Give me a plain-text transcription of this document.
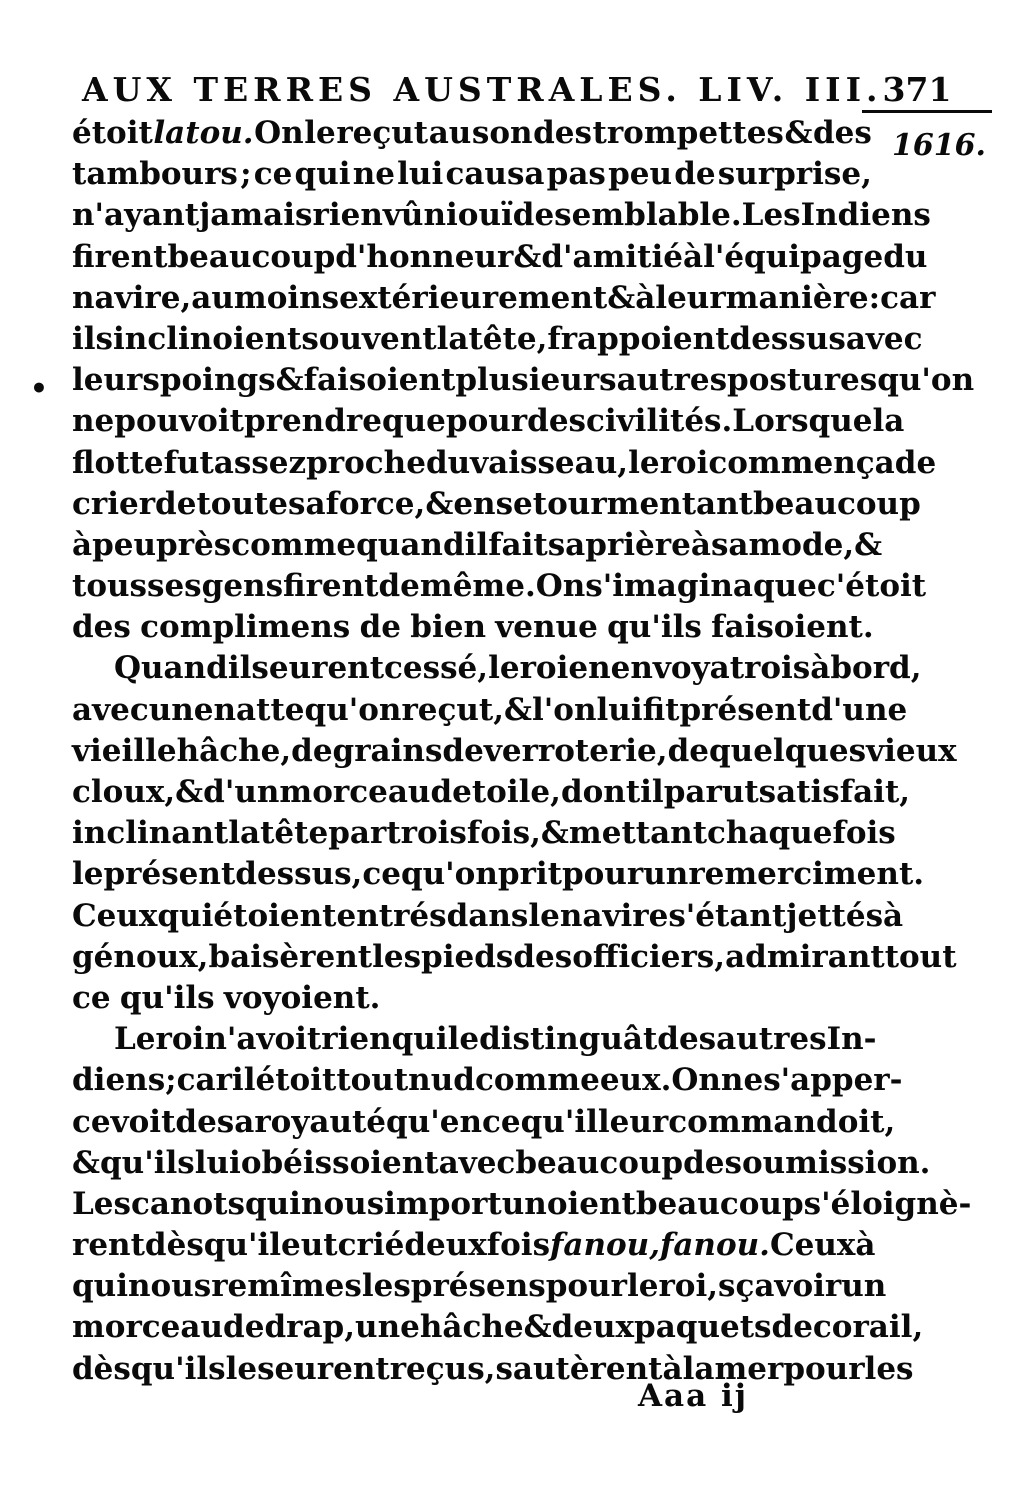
AUX TERRES AUSTRALES. LIV. III. 371
1616.
•
étoit latou. On le reçut au son des trompettes & des
tambours ; ce qui ne lui causa pas peu de surprise,
n'ayant jamais rien vû ni ouï de semblable. Les Indiens
firent beaucoup d'honneur & d'amitié à l'équipage du
navire, au moins extérieurement & à leur manière : car
ils inclinoient souvent la tête, frappoient dessus avec
leurs poings & faisoient plusieurs autres postures qu'on
ne pouvoit prendre que pour des civilités. Lorsque la
flotte fut assez proche du vaisseau, le roi commença de
crier de toute sa force, & en se tourmentant beaucoup
à peu près comme quand il fait sa prière à sa mode, &
tous ses gens firent de même. On s'imagina que c'étoit
des complimens de bien venue qu'ils faisoient.
Quand ils eurent cessé, le roi en envoya trois à bord,
avec une natte qu'on reçut, & l'on lui fit présent d'une
vieille hâche, de grains de verroterie, de quelques vieux
cloux, & d'un morceau de toile, dont il parut satisfait,
inclinant la tête par trois fois, & mettant chaque fois
le présent dessus, ce qu'on prit pour un remerciment.
Ceux qui étoient entrés dans le navire s'étant jettés à
génoux, baisèrent les pieds des officiers, admirant tout
ce qu'ils voyoient.
Le roi n'avoit rien qui le distinguât des autres In-
diens; car il étoit tout nud comme eux. On ne s'apper-
cevoit de sa royauté qu'en ce qu'il leur commandoit,
& qu'ils lui obéissoient avec beaucoup de soumission.
Les canots qui nous importunoient beaucoup s'éloignè-
rent dès qu'il eut crié deux fois fanou, fanou. Ceux à
qui nous remîmes les présens pour le roi, sçavoir un
morceau de drap, une hâche & deux paquets de corail,
dès qu'ils les eurent reçus, sautèrent à la mer pour les
Aaa ij
